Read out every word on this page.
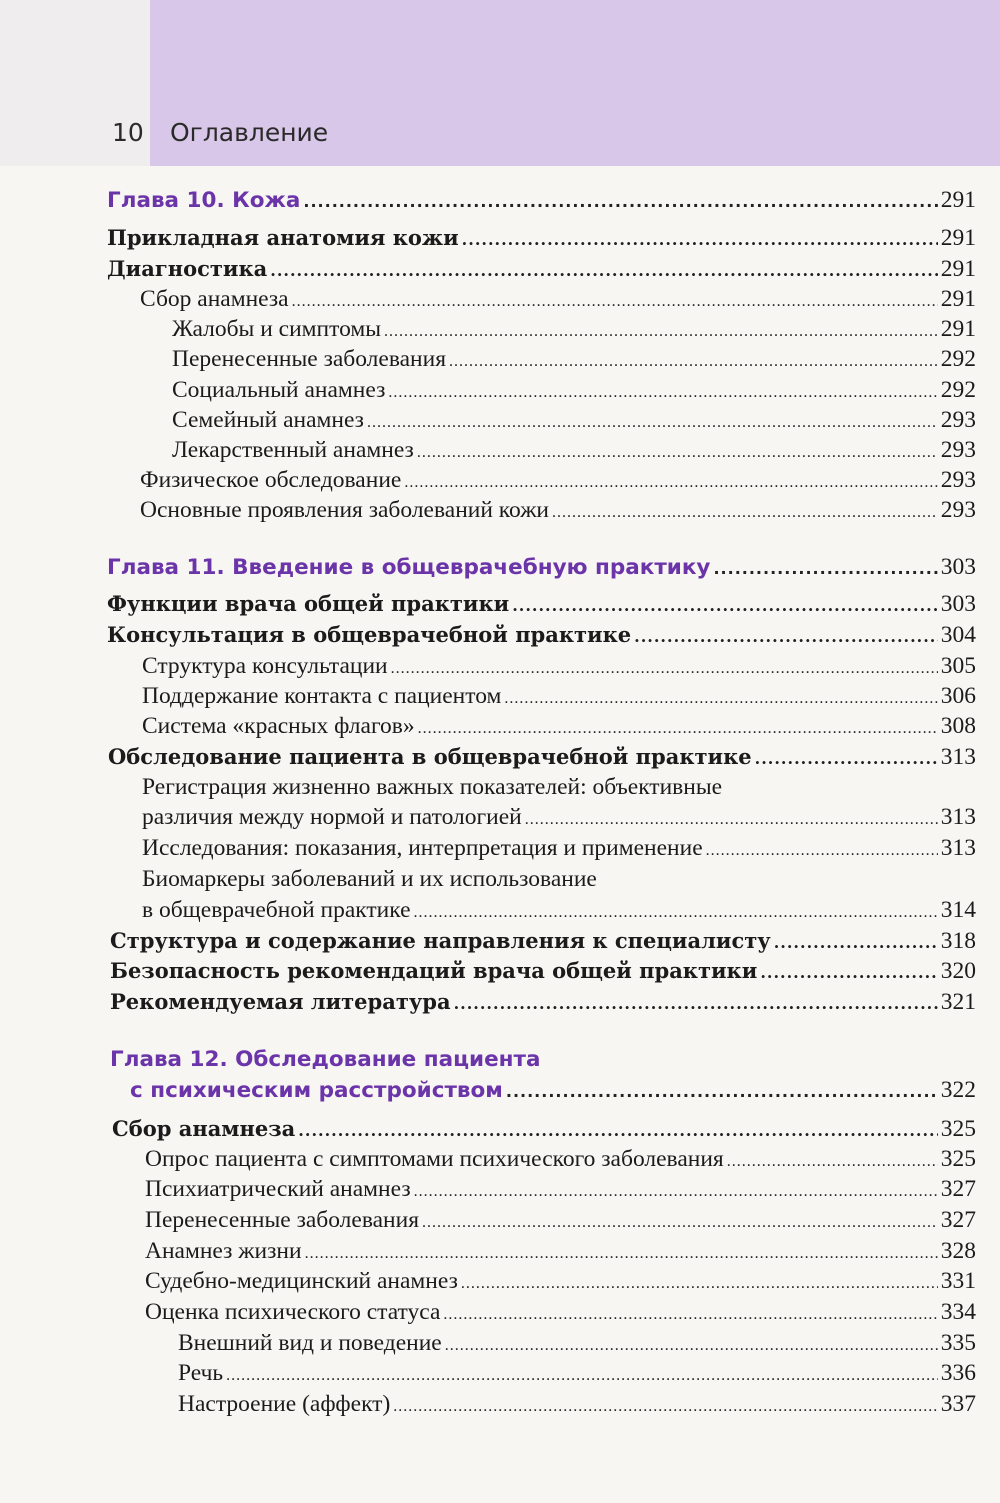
10 Оглавление
Глава 10. Кожа .....	291
Прикладная анатомия кожи .....	291
Диагностика .....	291
Сбор анамнеза .....	291
Жалобы и симптомы .....	291
Перенесенные заболевания .....	292
Социальный анамнез .....	292
Семейный анамнез .....	293
Лекарственный анамнез .....	293
Физическое обследование .....	293
Основные проявления заболеваний кожи .....	293
Глава 11. Введение в общеврачебную практику .....	303
Функции врача общей практики .....	303
Консультация в общеврачебной практике .....	304
Структура консультации .....	305
Поддержание контакта с пациентом .....	306
Система «красных флагов» .....	308
Обследование пациента в общеврачебной практике .....	313
Регистрация жизненно важных показателей: объективные
различия между нормой и патологией .....	313
Исследования: показания, интерпретация и применение .....	313
Биомаркеры заболеваний и их использование
в общеврачебной практике .....	314
Структура и содержание направления к специалисту .....	318
Безопасность рекомендаций врача общей практики .....	320
Рекомендуемая литература .....	321
Глава 12. Обследование пациента
с психическим расстройством .....	322
Сбор анамнеза .....	325
Опрос пациента с симптомами психического заболевания .....	325
Психиатрический анамнез .....	327
Перенесенные заболевания .....	327
Анамнез жизни .....	328
Судебно-медицинский анамнез .....	331
Оценка психического статуса .....	334
Внешний вид и поведение .....	335
Речь .....	336
Настроение (аффект) .....	337
